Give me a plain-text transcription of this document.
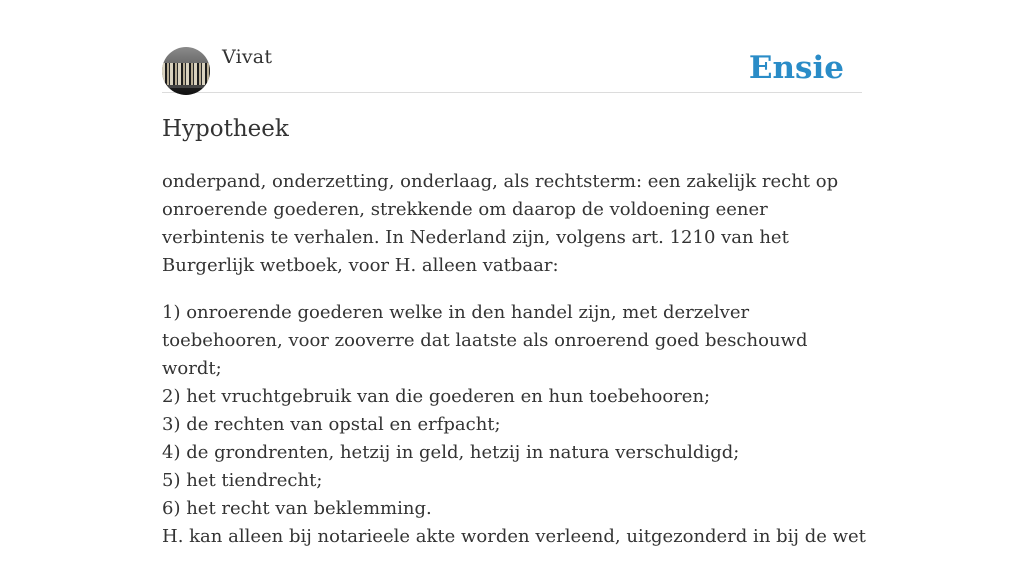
Vivat	Ensie
Hypotheek

onderpand, onderzetting, onderlaag, als rechtsterm: een zakelijk recht op onroerende goederen, strekkende om daarop de voldoening eener verbintenis te verhalen. In Nederland zijn, volgens art. 1210 van het Burgerlijk wetboek, voor H. alleen vatbaar:

1) onroerende goederen welke in den handel zijn, met derzelver toebehooren, voor zooverre dat laatste als onroerend goed beschouwd wordt;
2) het vruchtgebruik van die goederen en hun toebehooren;
3) de rechten van opstal en erfpacht;
4) de grondrenten, hetzij in geld, hetzij in natura verschuldigd;
5) het tiendrecht;
6) het recht van beklemming.
H. kan alleen bij notarieele akte worden verleend, uitgezonderd in bij de wet
